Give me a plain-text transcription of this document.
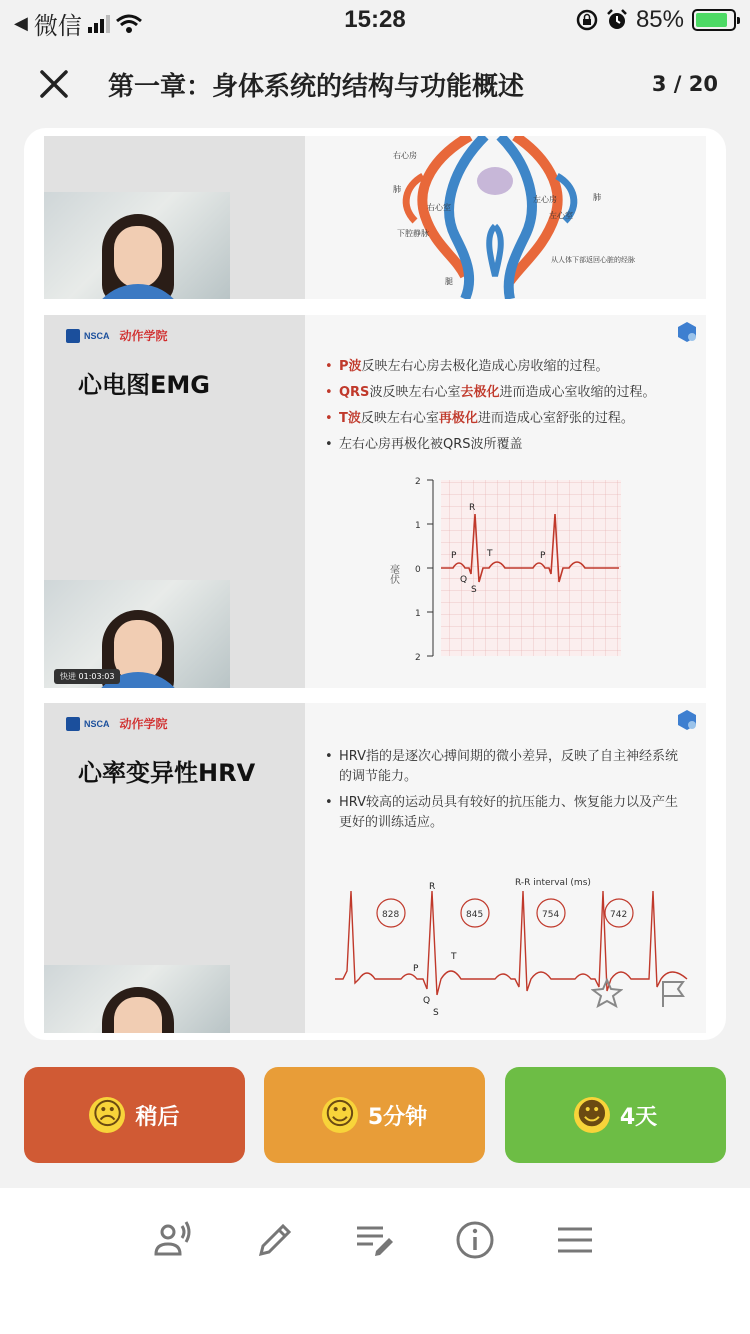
◀ 微信	15:28	85%
第一章：身体系统的结构与功能概述	3 / 20
右心房
肺
右心室
下腔静脉
左心房
左心室
肺
从人体下部返回心脏的经脉
腿
NSCA 动作学院
心电图EMG
快进 01:03:03
• P波反映左右心房去极化造成心房收缩的过程。
• QRS波反映左右心室去极化进而造成心室收缩的过程。
• T波反映左右心室再极化进而造成心室舒张的过程。
• 左右心房再极化被QRS波所覆盖
2
1
0
1
2
毫伏
P
R
T
Q
S
P
NSCA 动作学院
心率变异性HRV
• HRV指的是逐次心搏间期的微小差异，反映了自主神经系统的调节能力。
• HRV较高的运动员具有较好的抗压能力、恢复能力以及产生更好的训练适应。
R-R interval (ms)
828	845	754	742
R
T
P
Q
S
☹ 稍后	☺ 5分钟	☻ 4天
